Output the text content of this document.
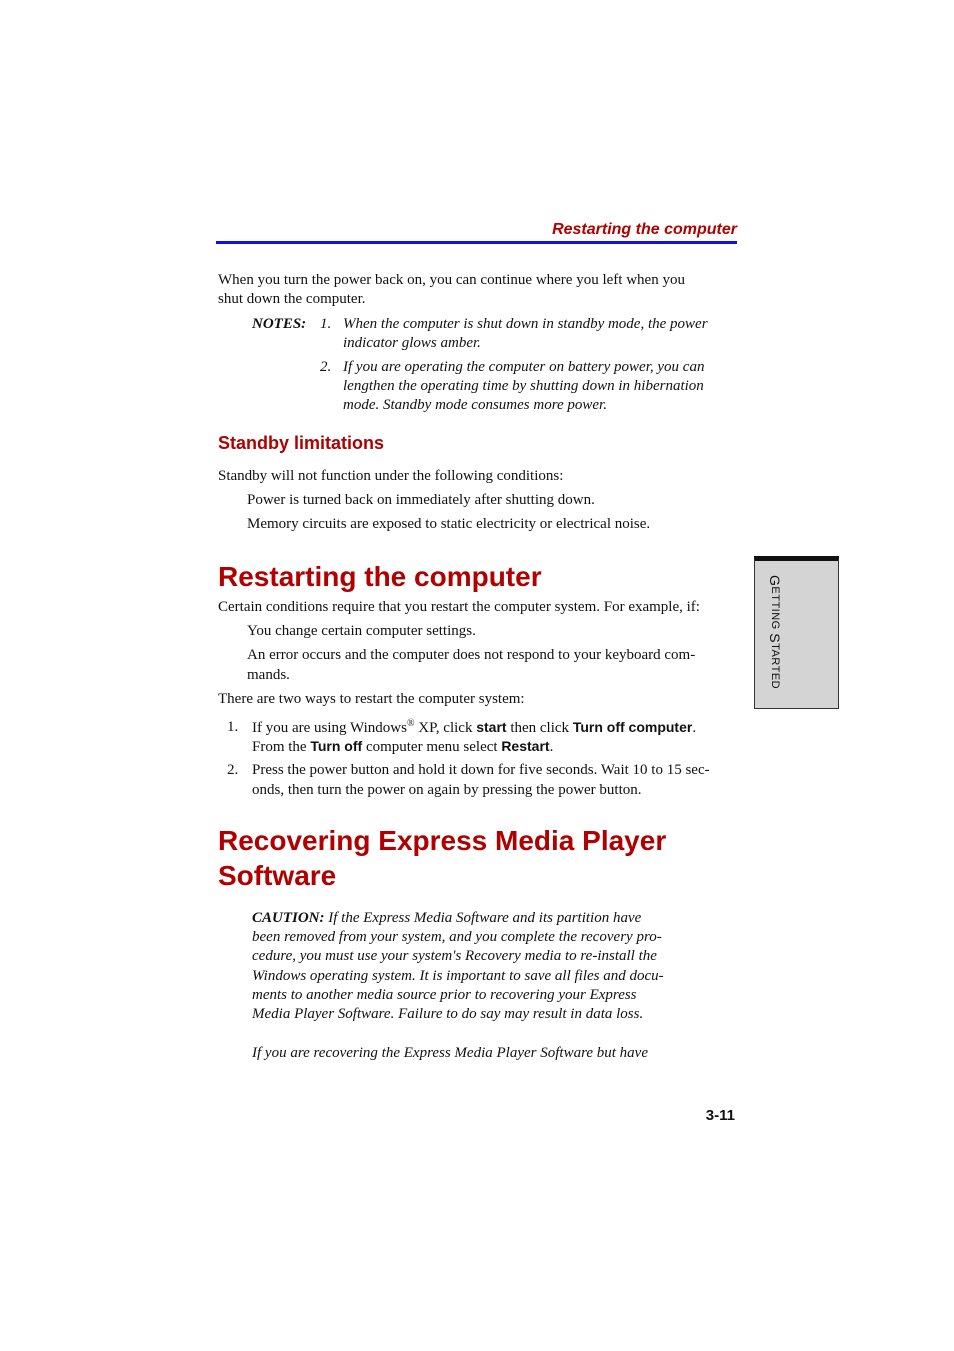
Restarting the computer
When you turn the power back on, you can continue where you left when you
shut down the computer.
NOTES: 1. When the computer is shut down in standby mode, the power
indicator glows amber.
2. If you are operating the computer on battery power, you can
lengthen the operating time by shutting down in hibernation
mode. Standby mode consumes more power.
Standby limitations
Standby will not function under the following conditions:
Power is turned back on immediately after shutting down.
Memory circuits are exposed to static electricity or electrical noise.
Restarting the computer
Certain conditions require that you restart the computer system. For example, if:
You change certain computer settings.
An error occurs and the computer does not respond to your keyboard com-
mands.
There are two ways to restart the computer system:
1. If you are using Windows® XP, click start then click Turn off computer.
From the Turn off computer menu select Restart.
2. Press the power button and hold it down for five seconds. Wait 10 to 15 sec-
onds, then turn the power on again by pressing the power button.
Recovering Express Media Player
Software
CAUTION: If the Express Media Software and its partition have
been removed from your system, and you complete the recovery pro-
cedure, you must use your system's Recovery media to re-install the
Windows operating system. It is important to save all files and docu-
ments to another media source prior to recovering your Express
Media Player Software. Failure to do say may result in data loss.
If you are recovering the Express Media Player Software but have
GETTING STARTED
3-11
